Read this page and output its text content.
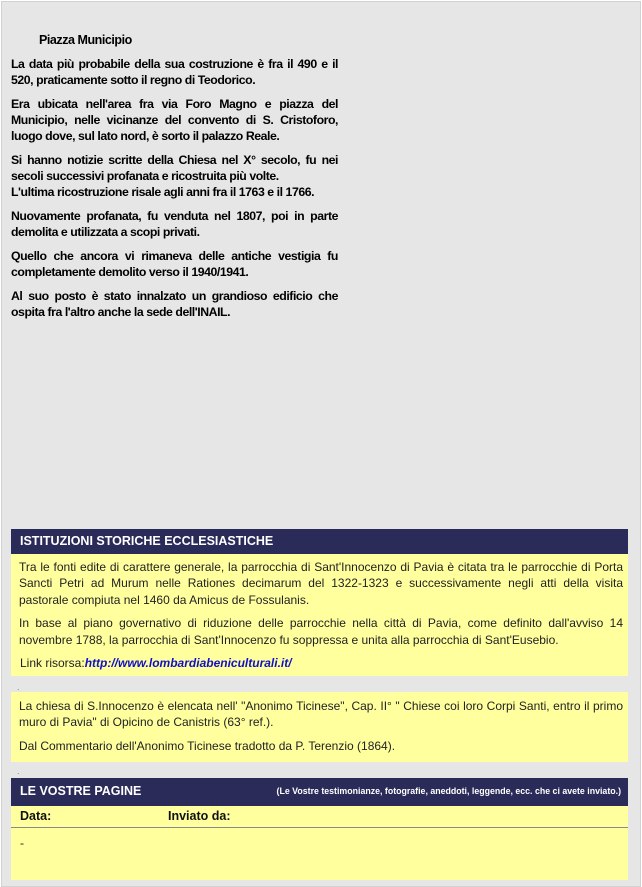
Piazza Municipio

La data più probabile della sua costruzione è fra il 490 e il 520, praticamente sotto il regno di Teodorico.

Era ubicata nell'area fra via Foro Magno e piazza del Municipio, nelle vicinanze del convento di S. Cristoforo, luogo dove, sul lato nord, è sorto il palazzo Reale.

Si hanno notizie scritte della Chiesa nel X° secolo, fu nei secoli successivi profanata e ricostruita più volte.
L'ultima ricostruzione risale agli anni fra il 1763 e il 1766.

Nuovamente profanata, fu venduta nel 1807, poi in parte demolita e utilizzata a scopi privati.

Quello che ancora vi rimaneva delle antiche vestigia fu completamente demolito verso il 1940/1941.

Al suo posto è stato innalzato un grandioso edificio che ospita fra l'altro anche la sede dell'INAIL.

ISTITUZIONI STORICHE ECCLESIASTICHE

Tra le fonti edite di carattere generale, la parrocchia di Sant'Innocenzo di Pavia è citata tra le parrocchie di Porta Sancti Petri ad Murum nelle Rationes decimarum del 1322-1323 e successivamente negli atti della visita pastorale compiuta nel 1460 da Amicus de Fossulanis.

In base al piano governativo di riduzione delle parrocchie nella città di Pavia, come definito dall'avviso 14 novembre 1788, la parrocchia di Sant'Innocenzo fu soppressa e unita alla parrocchia di Sant'Eusebio.

Link risorsa:http://www.lombardiabeniculturali.it/

.

La chiesa di S.Innocenzo è elencata nell' "Anonimo Ticinese", Cap. II° " Chiese coi loro Corpi Santi, entro il primo muro di Pavia" di Opicino de Canistris (63° ref.).

Dal Commentario dell'Anonimo Ticinese tradotto da P. Terenzio (1864).

.
LE VOSTRE PAGINE	(Le Vostre testimonianze, fotografie, aneddoti, leggende, ecc. che ci avete inviato.)
Data:	Inviato da:
-
